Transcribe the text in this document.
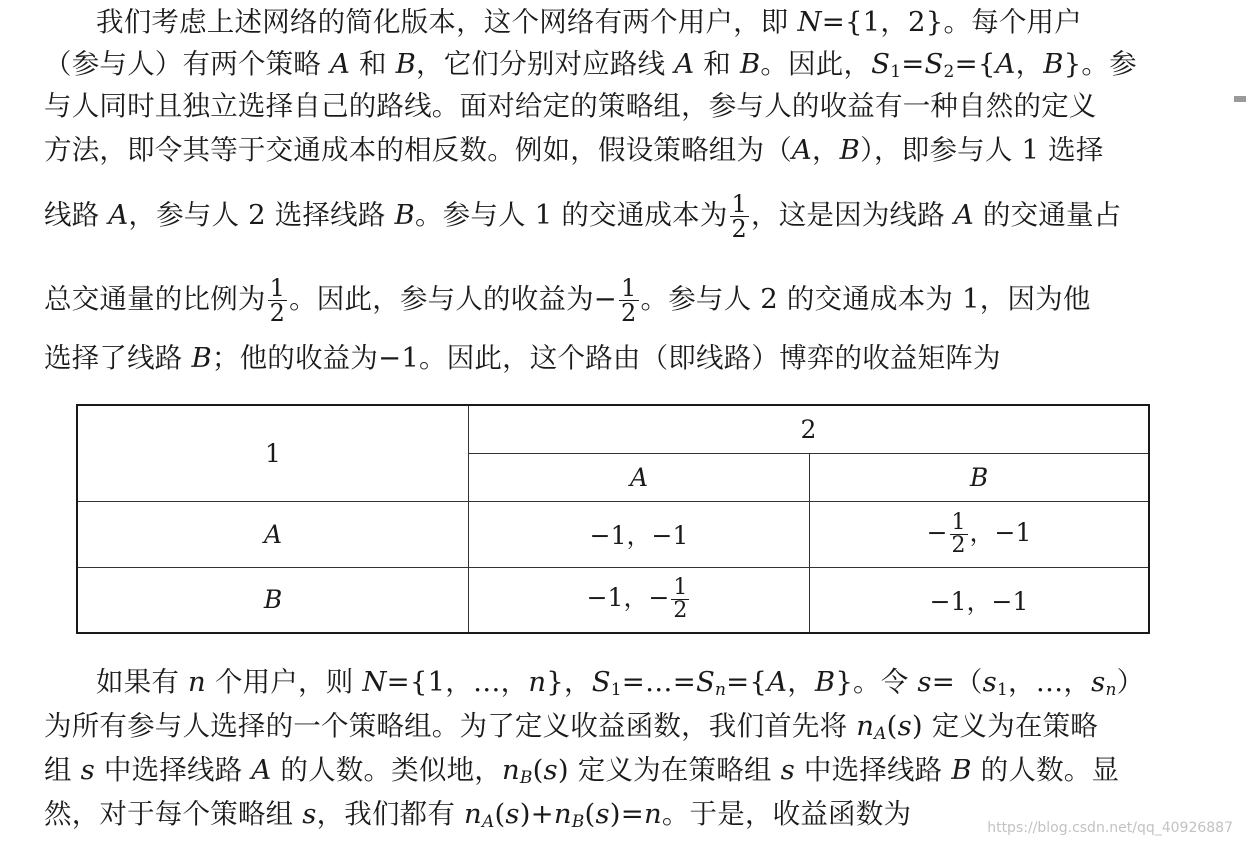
我们考虑上述网络的简化版本，这个网络有两个用户，即 N={1，2}。每个用户
（参与人）有两个策略 A 和 B，它们分别对应路线 A 和 B。因此，$S_1=S_2=\{A$，B}。参
与人同时且独立选择自己的路线。面对给定的策略组，参与人的收益有一种自然的定义
方法，即令其等于交通成本的相反数。例如，假设策略组为（A，B），即参与人 1 选择
线路 A，参与人 2 选择线路 B。参与人 1 的交通成本为 $\frac{1}{2}$ ，这是因为线路 A 的交通量占
总交通量的比例为 $\frac{1}{2}$ 。因此，参与人的收益为− $\frac{1}{2}$ 。参与人 2 的交通成本为 1，因为他
选择了线路 B；他的收益为−1。因此，这个路由（即线路）博弈的收益矩阵为
1	2	
	A	B
A	−1，−1	− $\frac{1}{2}$ ，−1
B	−1，− $\frac{1}{2}$	−1，−1
如果有 n 个用户，则 N={1，…，n}，$S_1=\dots=Sn=\{A$，B}。令 $s=(s_1$，…，sn）
为所有参与人选择的一个策略组。为了定义收益函数，我们首先将 nA(s) 定义为在策略
组 s 中选择线路 A 的人数。类似地，nB(s) 定义为在策略组 s 中选择线路 B 的人数。显
然，对于每个策略组 s，我们都有 nA(s)+nB(s)=n。于是，收益函数为	https://blog.csdn.net/qq_40926887
